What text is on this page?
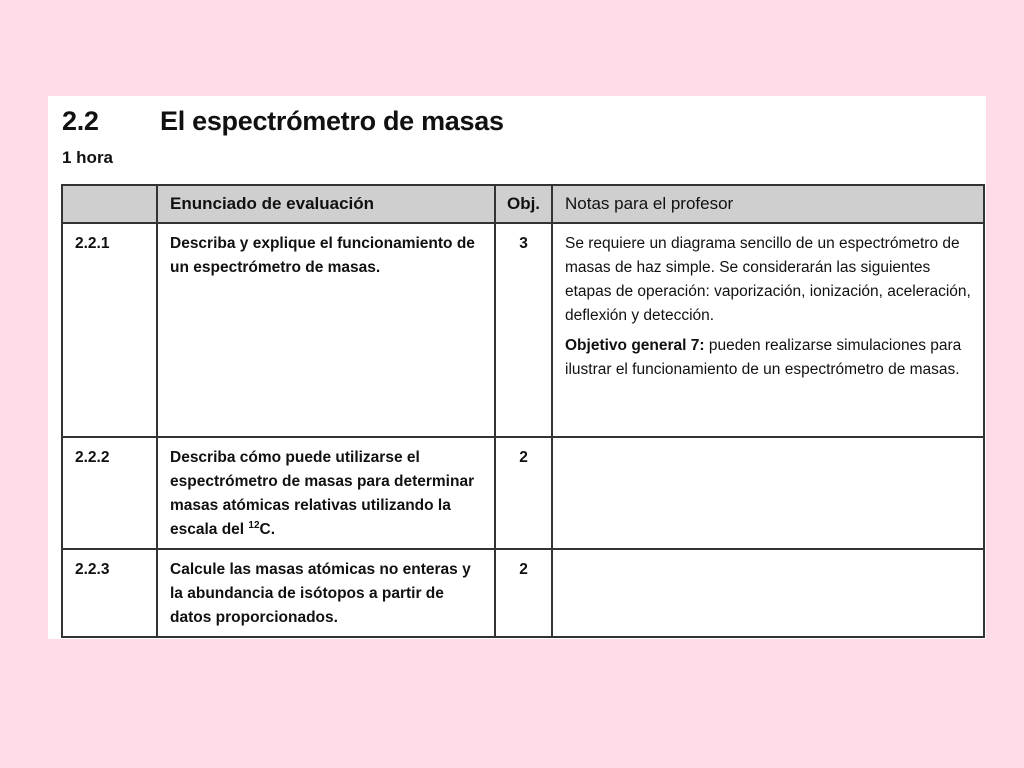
2.2 El espectrómetro de masas
1 hora
	Enunciado de evaluación	Obj.	Notas para el profesor
2.2.1	Describa y explique el funcionamiento de un espectrómetro de masas.	3	Se requiere un diagrama sencillo de un espectrómetro de masas de haz simple. Se considerarán las siguientes etapas de operación: vaporización, ionización, aceleración, deflexión y detección.

Objetivo general 7: pueden realizarse simulaciones para ilustrar el funcionamiento de un espectrómetro de masas.

2.2.2	Describa cómo puede utilizarse el espectrómetro de masas para determinar masas atómicas relativas utilizando la escala del $^{12}$C.	2	
2.2.3	Calcule las masas atómicas no enteras y la abundancia de isótopos a partir de datos proporcionados.	2	
